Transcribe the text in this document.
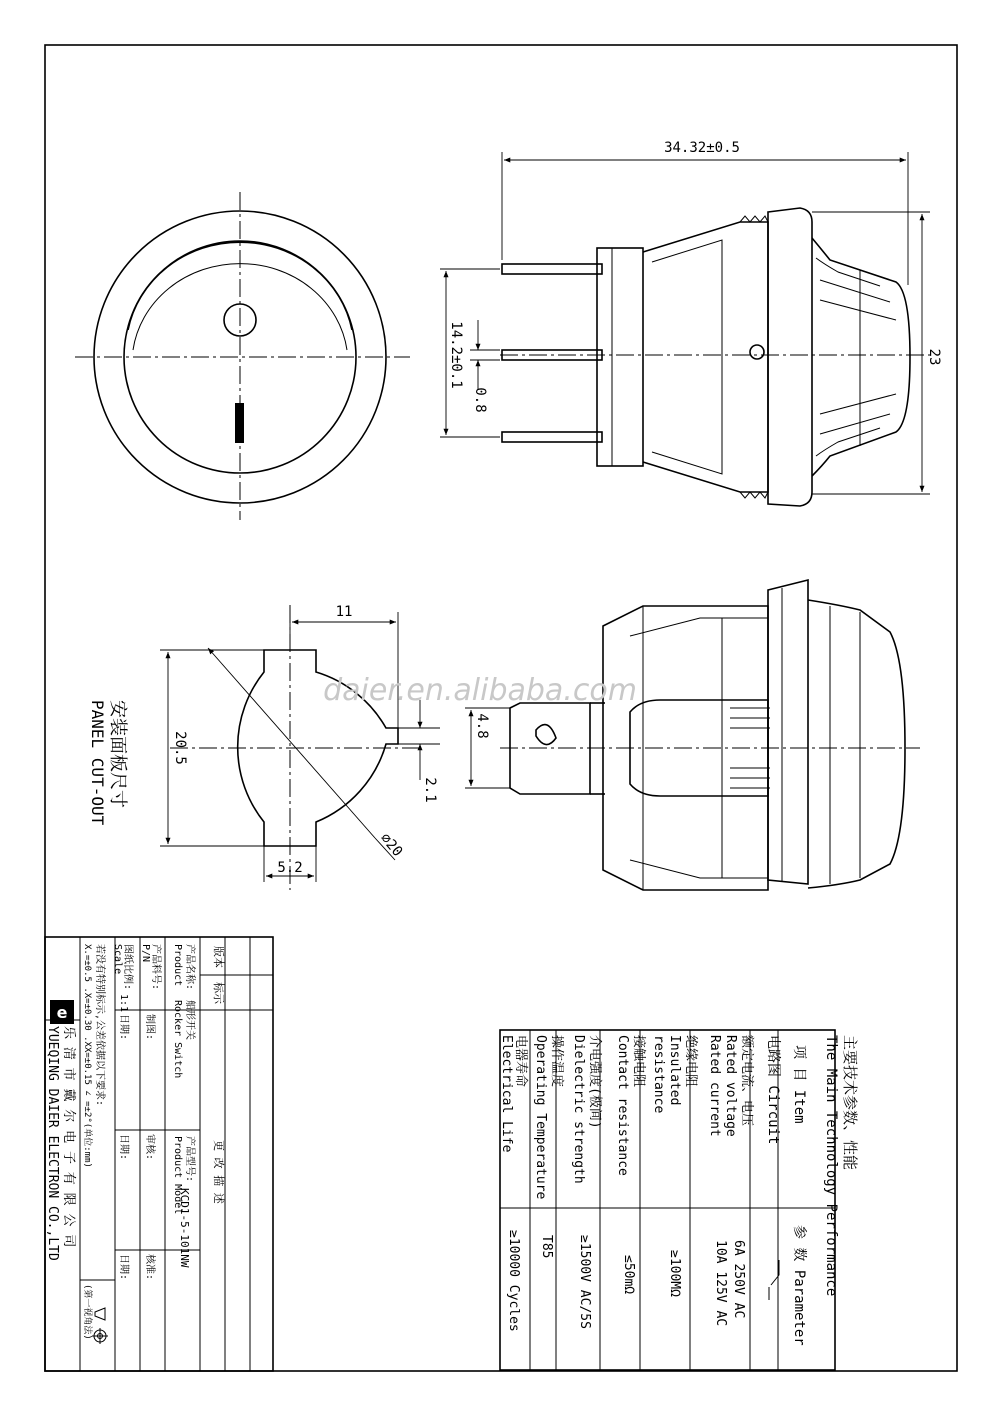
34.32±0.5
23
14.2±0.1
0.8
⌀20
11
20.5
2.1
5.2
安装面板尺寸
PANEL CUT-OUT	4.8
daier.en.alibaba.com
主要技术参数、性能
The Main Technology Performance
项 目 Item
参 数 Parameter
电路图 Circuit
额定电流、电压
Rated voltage
Rated current
6A 250V AC
10A 125V AC
绝缘电阻
Insulated
resistance
≥100MΩ
接触电阻
Contact resistance
≤50mΩ
介电强度(极间)
Dielectric strength
≥1500V AC/5S
操作温度
Operating Temperature
T85
电器寿命
Electrical Life
≥10000 Cycles
版本
标示
更 改 描 述
产品名称:
船形开关
Product
Rocker Switch
产品型号:
Product Model
KCD1-5-101NW
产品料号:
P/N
制图:
审核:
核准:
图纸比例:
Scale
1:1
日期:
日期:
日期:
若没有特别标示,公差依据以下要求:
X.=±0.5 .X=±0.30 .XX=±0.15 ∠ =±2°(单位:mm)
乐 清 市 戴 尔 电 子 有 限 公 司
YUEQING DAIER ELECTRON CO.,LTD
(第一视角法)
e
